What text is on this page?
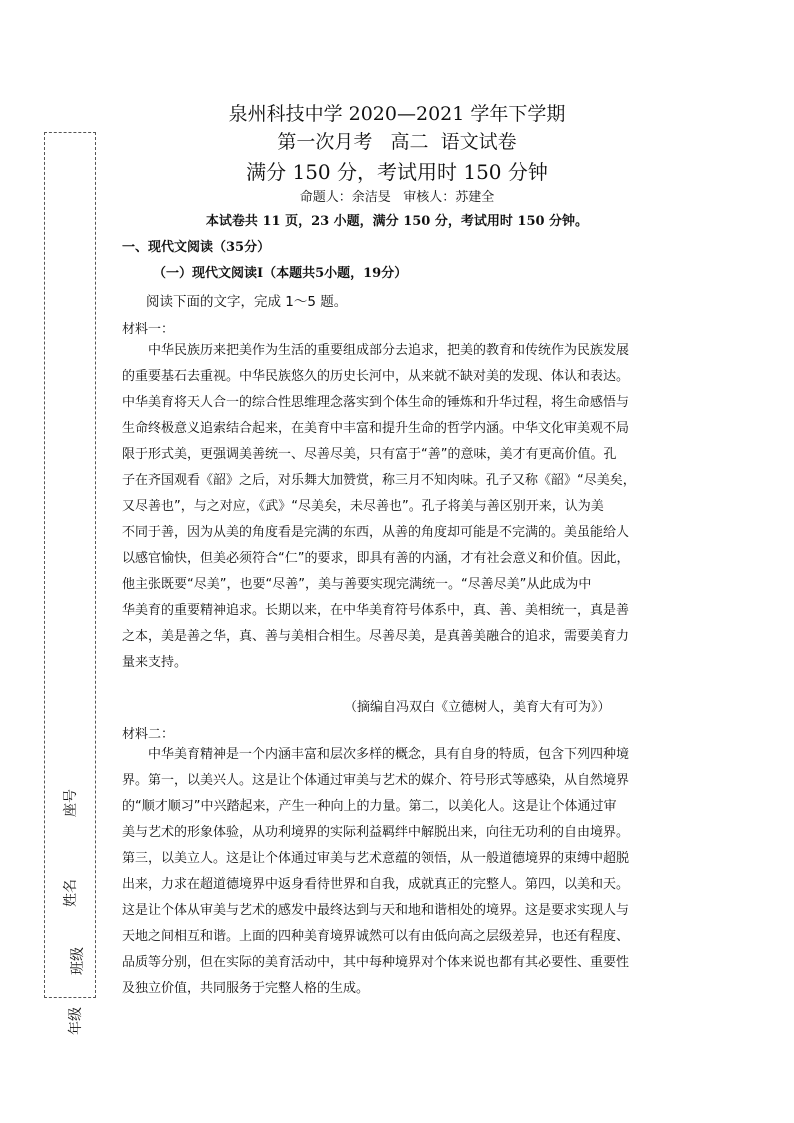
座号
姓名
班级
年级
泉州科技中学 2020—2021 学年下学期
第一次月考   高二  语文试卷
满分 150 分，考试用时 150 分钟
命题人：余洁旻   审核人：苏建全
本试卷共 11 页，23 小题，满分 150 分，考试用时 150 分钟。
一、现代文阅读（35分）
（一）现代文阅读I（本题共5小题，19分）
阅读下面的文字，完成 1～5 题。
材料一：
　　中华民族历来把美作为生活的重要组成部分去追求，把美的教育和传统作为民族发展
的重要基石去重视。中华民族悠久的历史长河中，从来就不缺对美的发现、体认和表达。
中华美育将天人合一的综合性思维理念落实到个体生命的锤炼和升华过程，将生命感悟与
生命终极意义追索结合起来，在美育中丰富和提升生命的哲学内涵。中华文化审美观不局
限于形式美，更强调美善统一、尽善尽美，只有富于“善”的意味，美才有更高价值。孔
子在齐国观看《韶》之后，对乐舞大加赞赏，称三月不知肉味。孔子又称《韶》“尽美矣，
又尽善也”，与之对应，《武》“尽美矣，未尽善也”。孔子将美与善区别开来，认为美
不同于善，因为从美的角度看是完满的东西，从善的角度却可能是不完满的。美虽能给人
以感官愉快，但美必须符合“仁”的要求，即具有善的内涵，才有社会意义和价值。因此，
他主张既要“尽美”，也要“尽善”，美与善要实现完满统一。“尽善尽美”从此成为中
华美育的重要精神追求。长期以来，在中华美育符号体系中，真、善、美相统一，真是善
之本，美是善之华，真、善与美相合相生。尽善尽美，是真善美融合的追求，需要美育力
量来支持。
（摘编自冯双白《立德树人，美育大有可为》）
材料二：
　　中华美育精神是一个内涵丰富和层次多样的概念，具有自身的特质，包含下列四种境
界。第一，以美兴人。这是让个体通过审美与艺术的媒介、符号形式等感染，从自然境界
的“顺才顺习”中兴踏起来，产生一种向上的力量。第二，以美化人。这是让个体通过审
美与艺术的形象体验，从功利境界的实际利益羁绊中解脱出来，向往无功利的自由境界。
第三，以美立人。这是让个体通过审美与艺术意蕴的领悟，从一般道德境界的束缚中超脱
出来，力求在超道德境界中返身看待世界和自我，成就真正的完整人。第四，以美和天。
这是让个体从审美与艺术的感发中最终达到与天和地和谐相处的境界。这是要求实现人与
天地之间相互和谐。上面的四种美育境界诚然可以有由低向高之层级差异，也还有程度、
品质等分别，但在实际的美育活动中，其中每种境界对个体来说也都有其必要性、重要性
及独立价值，共同服务于完整人格的生成。
